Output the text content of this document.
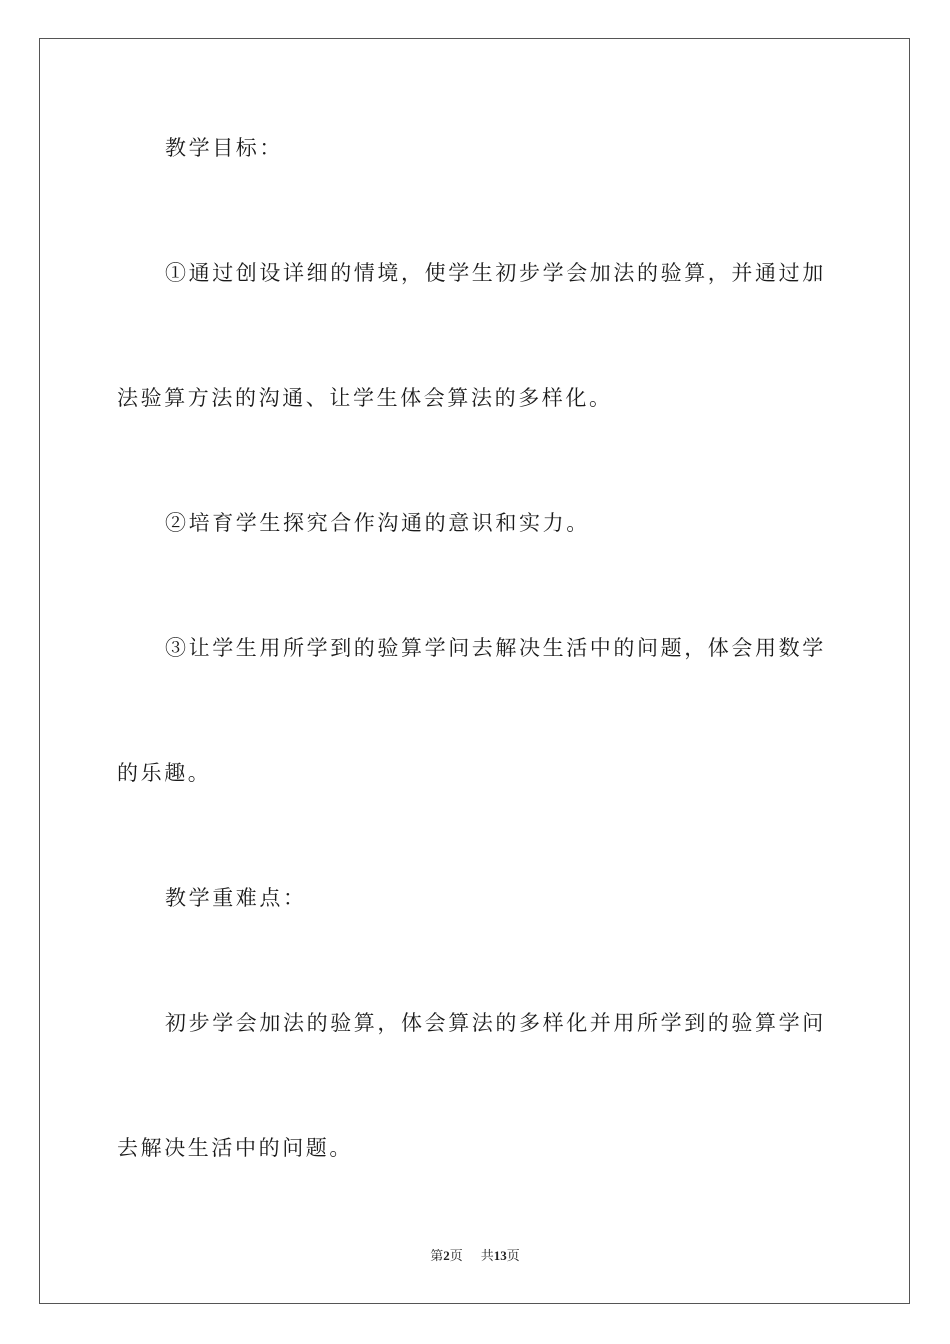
教学目标：
①通过创设详细的情境，使学生初步学会加法的验算，并通过加
法验算方法的沟通、让学生体会算法的多样化。
②培育学生探究合作沟通的意识和实力。
③让学生用所学到的验算学问去解决生活中的问题，体会用数学
的乐趣。
教学重难点：
初步学会加法的验算，体会算法的多样化并用所学到的验算学问
去解决生活中的问题。
第2页 共13页
